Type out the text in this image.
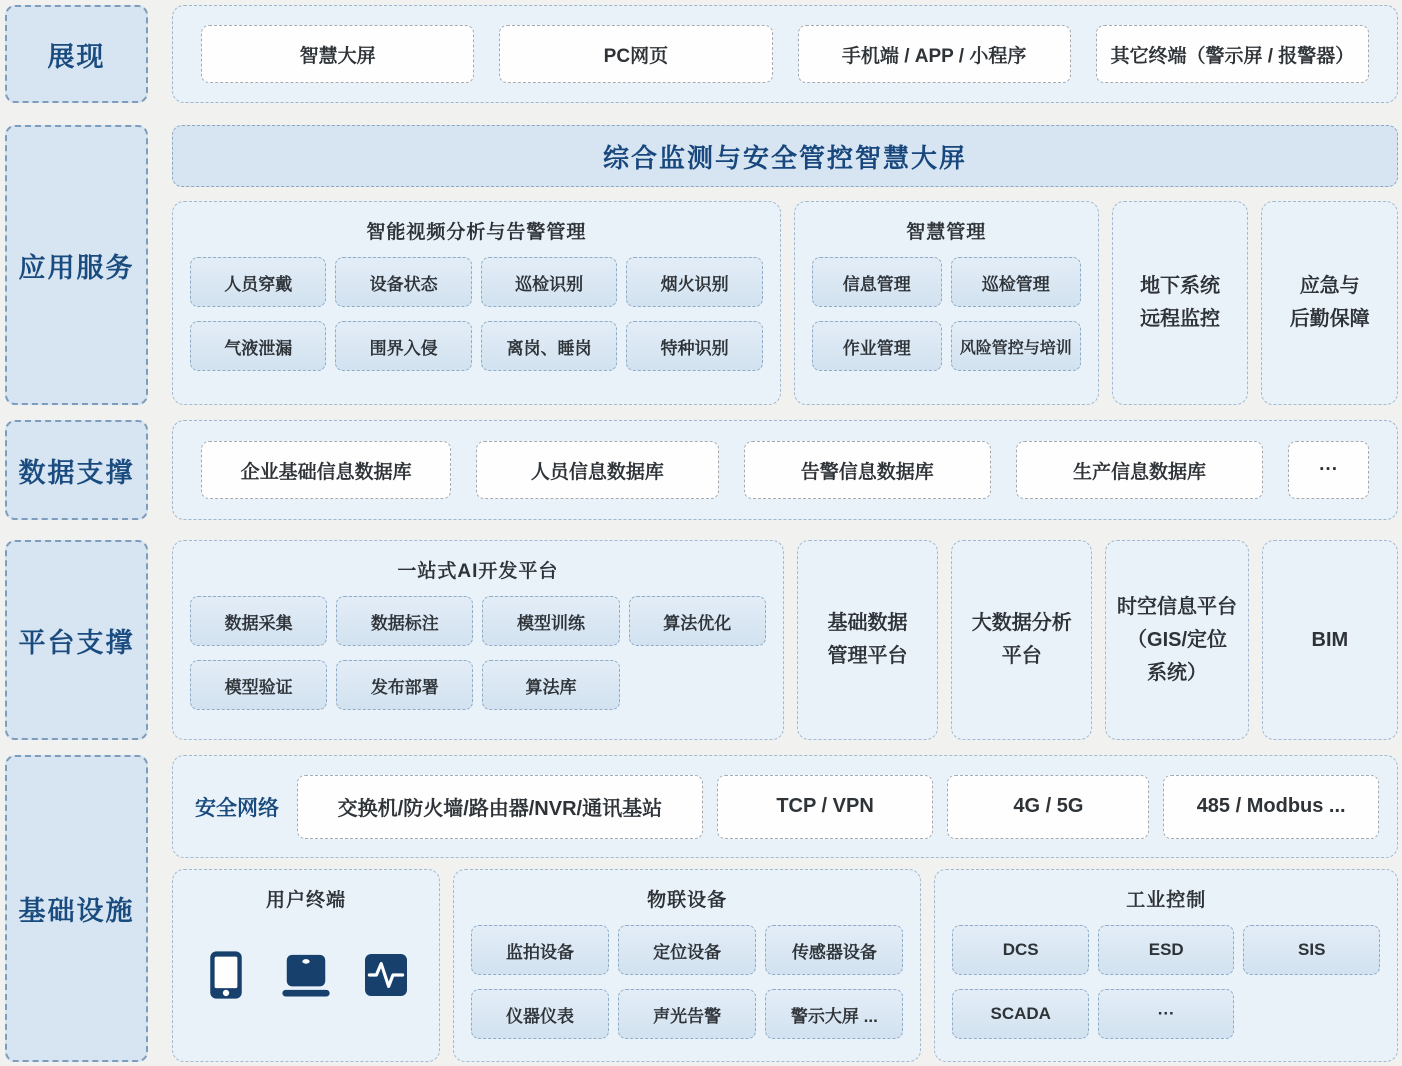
展现	智慧大屏	PC网页	手机端 / APP / 小程序	其它终端（警示屏 / 报警器）
应用服务
综合监测与安全管控智慧大屏
智能视频分析与告警管理
人员穿戴	设备状态	巡检识别	烟火识别
气液泄漏	围界入侵	离岗、睡岗	特种识别
智慧管理
信息管理	巡检管理
作业管理	风险管控与培训
地下系统
远程监控
应急与
后勤保障
数据支撑	企业基础信息数据库	人员信息数据库	告警信息数据库	生产信息数据库	···
平台支撑
一站式AI开发平台
数据采集	数据标注	模型训练	算法优化
模型验证	发布部署	算法库
基础数据
管理平台
大数据分析
平台
时空信息平台
（GIS/定位
系统）
BIM
基础设施
安全网络	交换机/防火墙/路由器/NVR/通讯基站	TCP / VPN	4G / 5G	485 / Modbus ...
用户终端	物联设备
监拍设备	定位设备	传感器设备
仪器仪表	声光告警	警示大屏 ...
工业控制
DCS	ESD	SIS
SCADA	···
